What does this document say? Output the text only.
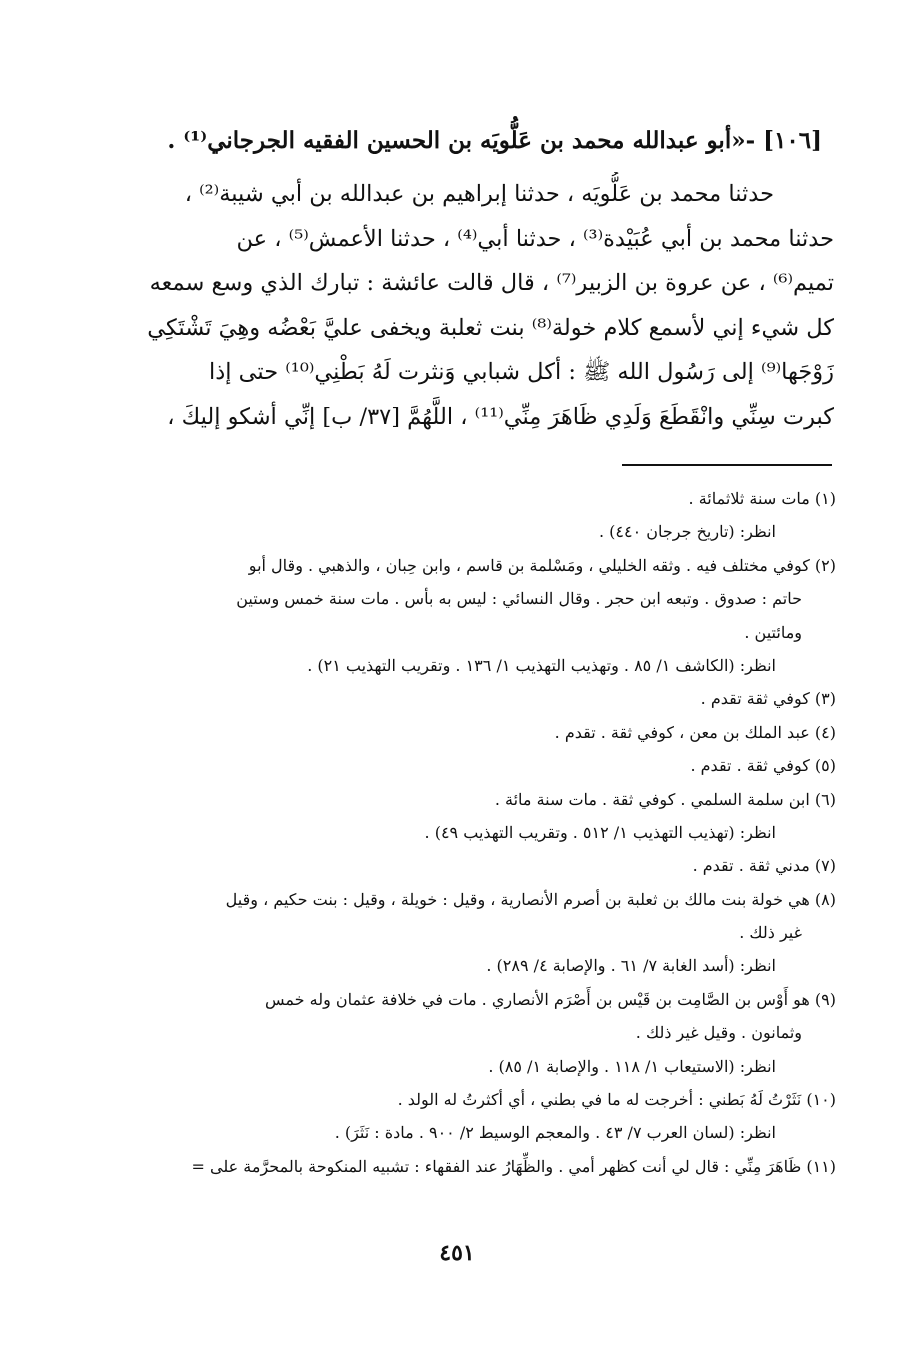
[١٠٦] -«أبو عبدالله محمد بن عَلُّويَه بن الحسين الفقيه الجرجاني⁽¹⁾ .
حدثنا محمد بن عَلُّويَه ، حدثنا إبراهيم بن عبدالله بن أبي شيبة⁽²⁾ ،
حدثنا محمد بن أبي عُبَيْدة⁽³⁾ ، حدثنا أبي⁽⁴⁾ ، حدثنا الأعمش⁽⁵⁾ ، عن
تميم⁽⁶⁾ ، عن عروة بن الزبير⁽⁷⁾ ، قال قالت عائشة : تبارك الذي وسع سمعه
كل شيء إني لأسمع كلام خولة⁽⁸⁾ بنت ثعلبة ويخفى عليَّ بَعْضُه وهِيَ تَشْتَكِي
زَوْجَها⁽⁹⁾ إلى رَسُول الله ﷺ : أكل شبابي وَنثرت لَهُ بَطْنِي⁽¹⁰⁾ حتى إذا
كبرت سِنِّي وانْقَطَعَ وَلَدِي ظَاهَرَ مِنِّي⁽¹¹⁾ ، اللَّهُمَّ [٣٧/ ب] إنِّي أشكو إليكَ ،
(١) مات سنة ثلاثمائة .
انظر: (تاريخ جرجان ٤٤٠) .
(٢) كوفي مختلف فيه . وثقه الخليلي ، ومَسْلمة بن قاسم ، وابن حِبان ، والذهبي . وقال أبو
حاتم : صدوق . وتبعه ابن حجر . وقال النسائي : ليس به بأس . مات سنة خمس وستين
ومائتين .
انظر: (الكاشف ١/ ٨٥ . وتهذيب التهذيب ١/ ١٣٦ . وتقريب التهذيب ٢١) .
(٣) كوفي ثقة تقدم .
(٤) عبد الملك بن معن ، كوفي ثقة . تقدم .
(٥) كوفي ثقة . تقدم .
(٦) ابن سلمة السلمي . كوفي ثقة . مات سنة مائة .
انظر: (تهذيب التهذيب ١/ ٥١٢ . وتقريب التهذيب ٤٩) .
(٧) مدني ثقة . تقدم .
(٨) هي خولة بنت مالك بن ثعلبة بن أصرم الأنصارية ، وقيل : خويلة ، وقيل : بنت حكيم ، وقيل
غير ذلك .
انظر: (أسد الغابة ٧/ ٦١ . والإصابة ٤/ ٢٨٩) .
(٩) هو أَوْس بن الصَّامِت بن قَيْس بن أَصْرَم الأنصاري . مات في خلافة عثمان وله خمس
وثمانون . وقيل غير ذلك .
انظر: (الاستيعاب ١/ ١١٨ . والإصابة ١/ ٨٥) .
(١٠) نَثَرْتُ لَهُ بَطني : أخرجت له ما في بطني ، أي أكثرتُ له الولد .
انظر: (لسان العرب ٧/ ٤٣ . والمعجم الوسيط ٢/ ٩٠٠ . مادة : نَثَرَ) .
(١١) ظَاهَرَ مِنِّي : قال لي أنت كظهر أمي . والظِّهَارُ عند الفقهاء : تشبيه المنكوحة بالمحرَّمة على =
٤٥١
